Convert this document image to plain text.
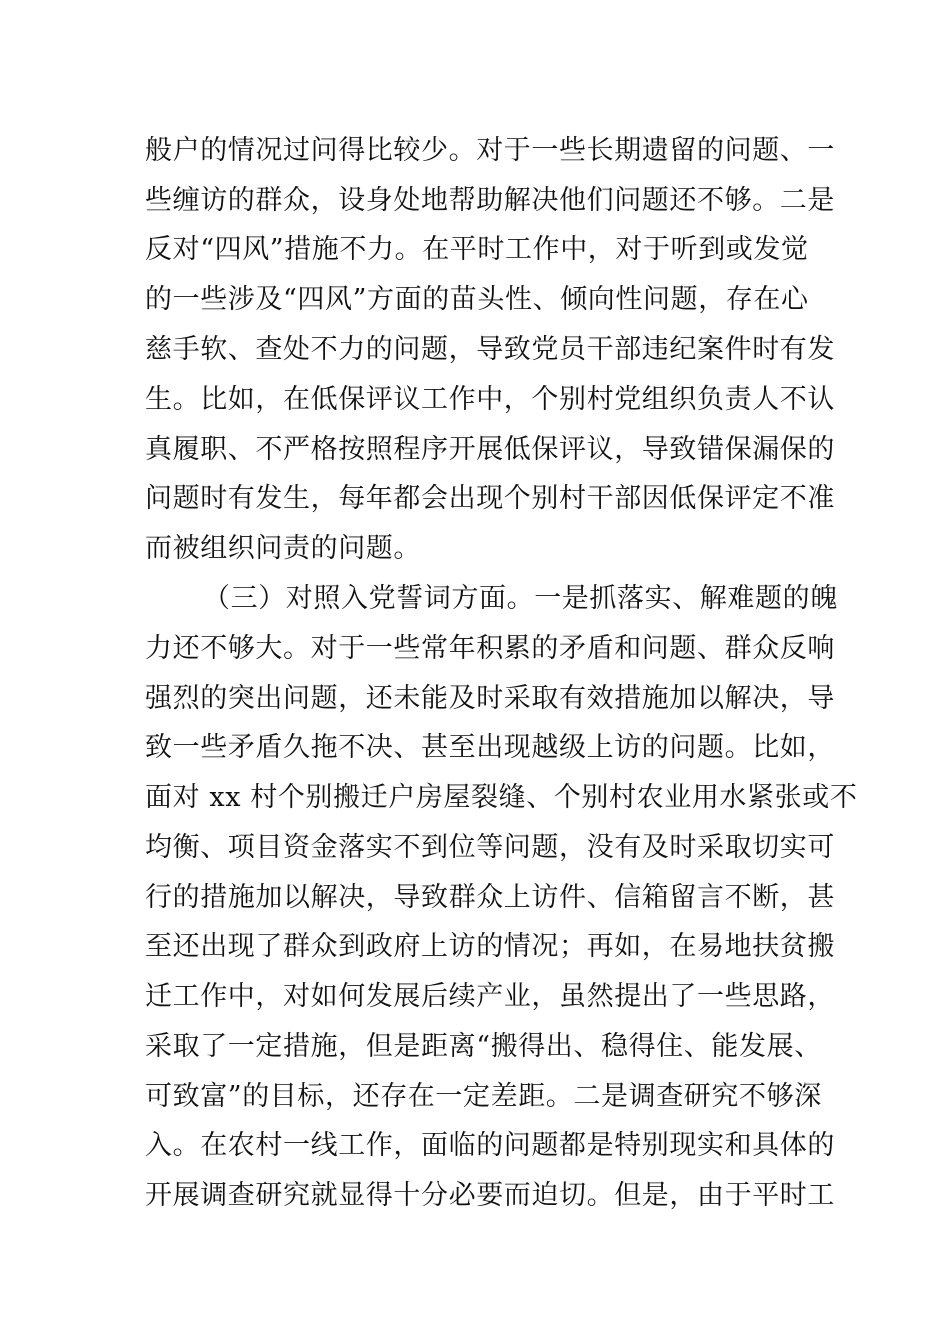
般户的情况过问得比较少。对于一些长期遗留的问题、一
些缠访的群众，设身处地帮助解决他们问题还不够。二是
反对“四风”措施不力。在平时工作中，对于听到或发觉
的一些涉及“四风”方面的苗头性、倾向性问题，存在心
慈手软、查处不力的问题，导致党员干部违纪案件时有发
生。比如，在低保评议工作中，个别村党组织负责人不认
真履职、不严格按照程序开展低保评议，导致错保漏保的
问题时有发生，每年都会出现个别村干部因低保评定不准
而被组织问责的问题。
（三）对照入党誓词方面。一是抓落实、解难题的魄
力还不够大。对于一些常年积累的矛盾和问题、群众反响
强烈的突出问题，还未能及时采取有效措施加以解决，导
致一些矛盾久拖不决、甚至出现越级上访的问题。比如，
面对 xx 村个别搬迁户房屋裂缝、个别村农业用水紧张或不
均衡、项目资金落实不到位等问题，没有及时采取切实可
行的措施加以解决，导致群众上访件、信箱留言不断，甚
至还出现了群众到政府上访的情况；再如，在易地扶贫搬
迁工作中，对如何发展后续产业，虽然提出了一些思路，
采取了一定措施，但是距离“搬得出、稳得住、能发展、
可致富”的目标，还存在一定差距。二是调查研究不够深
入。在农村一线工作，面临的问题都是特别现实和具体的
开展调查研究就显得十分必要而迫切。但是，由于平时工
